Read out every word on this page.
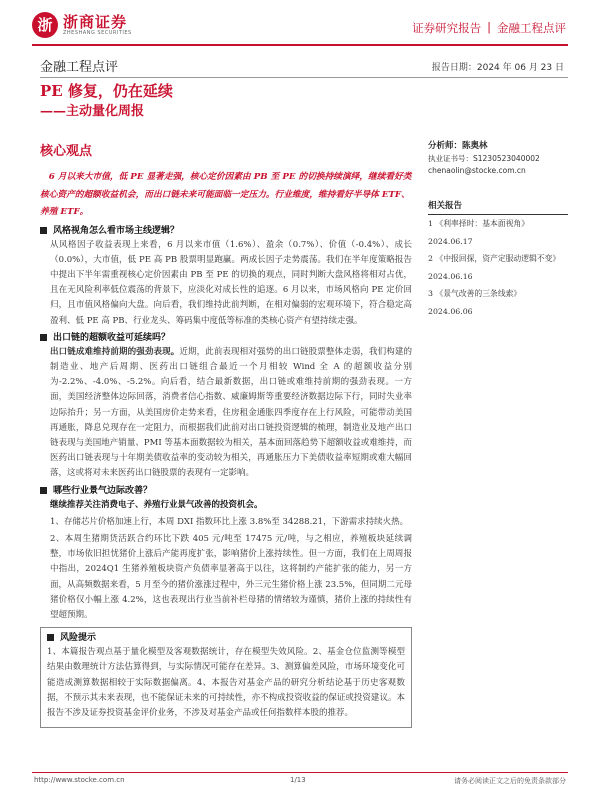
浙 浙商证券
ZHESHANG SECURITIES	证券研究报告 | 金融工程点评
金融工程点评	报告日期：2024 年 06 月 23 日
PE 修复，仍在延续
——主动量化周报
核心观点
6 月以来大市值，低 PE 显著走强，核心定价因素由 PB 至 PE 的切换持续演绎，继续看好类核心资产的超额收益机会，而出口链未来可能面临一定压力。行业维度，维持看好半导体 ETF、养殖 ETF。
风格视角怎么看市场主线逻辑？
从风格因子收益表现上来看，6 月以来市值（1.6%）、盈余（0.7%）、价值（-0.4%）、成长（0.0%），大市值，低 PE 高 PB 股票明显跑赢。两成长因子走势震荡。我们在半年度策略报告中提出下半年需重视核心定价因素由 PB 至 PE 的切换的观点，同时判断大盘风格将相对占优，且在无风险利率低位震荡的背景下，应淡化对成长性的追逐。6 月以来，市场风格向 PE 定价回归，且市值风格偏向大盘。向后看，我们维持此前判断，在相对偏弱的宏观环境下，符合稳定高盈利、低 PE 高 PB、行业龙头、筹码集中度低等标准的类核心资产有望持续走强。
出口链的超额收益可延续吗？
出口链成难维持前期的强劲表现。近期，此前表现相对强势的出口链股票整体走弱，我们构建的制造业、地产后周期、医药出口链组合最近一个月相较 Wind 全 A 的超额收益分别为-2.2%、-4.0%、-5.2%。向后看，结合最新数据，出口链或难维持前期的强劲表现。一方面，美国经济整体边际回落，消费者信心指数、威廉姆斯等重要经济数据边际下行，同时失业率边际抬升；另一方面，从美国房价走势来看，住房租金通胀四季度存在上行风险，可能带动美国再通胀，降息兑现存在一定阻力，而根据我们此前对出口链投资逻辑的梳理，制造业及地产出口链表现与美国地产销量、PMI 等基本面数据较为相关，基本面回落趋势下超额收益或难维持，而医药出口链表现与十年期美债收益率的变动较为相关，再通胀压力下美债收益率短期或难大幅回落，这或将对未来医药出口链股票的表现有一定影响。
哪些行业景气边际改善？
继续推荐关注消费电子、养殖行业景气改善的投资机会。
1、存储芯片价格加速上行，本周 DXI 指数环比上涨 3.8%至 34288.21，下游需求持续火热。
2、本周生猪期货活跃合约环比下跌 405 元/吨至 17475 元/吨，与之相应，养殖板块延续调整，市场依旧担忧猪价上涨后产能再度扩张，影响猪价上涨持续性。但一方面，我们在上周周报中指出，2024Q1 生猪养殖板块资产负债率显著高于以往，这将制约产能扩张的能力，另一方面，从高频数据来看，5 月至今的猪价涨涨过程中，外三元生猪价格上涨 23.5%，但同期二元母猪价格仅小幅上涨 4.2%，这也表现出行业当前补栏母猪的情绪较为谨慎，猪价上涨的持续性有望超预期。
风险提示
1、本篇报告观点基于量化模型及客观数据统计，存在模型失效风险。2、基金仓位监测等模型结果由数理统计方法估算得到，与实际情况可能存在差异。3、测算偏差风险，市场环境变化可能造成测算数据相较于实际数据偏离。4、本报告对基金产品的研究分析结论基于历史客观数据，不预示其未来表现，也不能保证未来的可持续性，亦不构成投资收益的保证或投资建议。本报告不涉及证券投资基金评价业务，不涉及对基金产品或任何指数样本股的推荐。
分析师：陈奥林
执业证书号：S1230523040002
chenaolin@stocke.com.cn
相关报告
1 《利率择时：基本面视角》
2024.06.17
2 《中报回探，资产定服动逻辑不变》
2024.06.16
3 《景气改善的三条线索》
2024.06.06
http://www.stocke.com.cn	1/13	请务必阅读正文之后的免责条款部分
